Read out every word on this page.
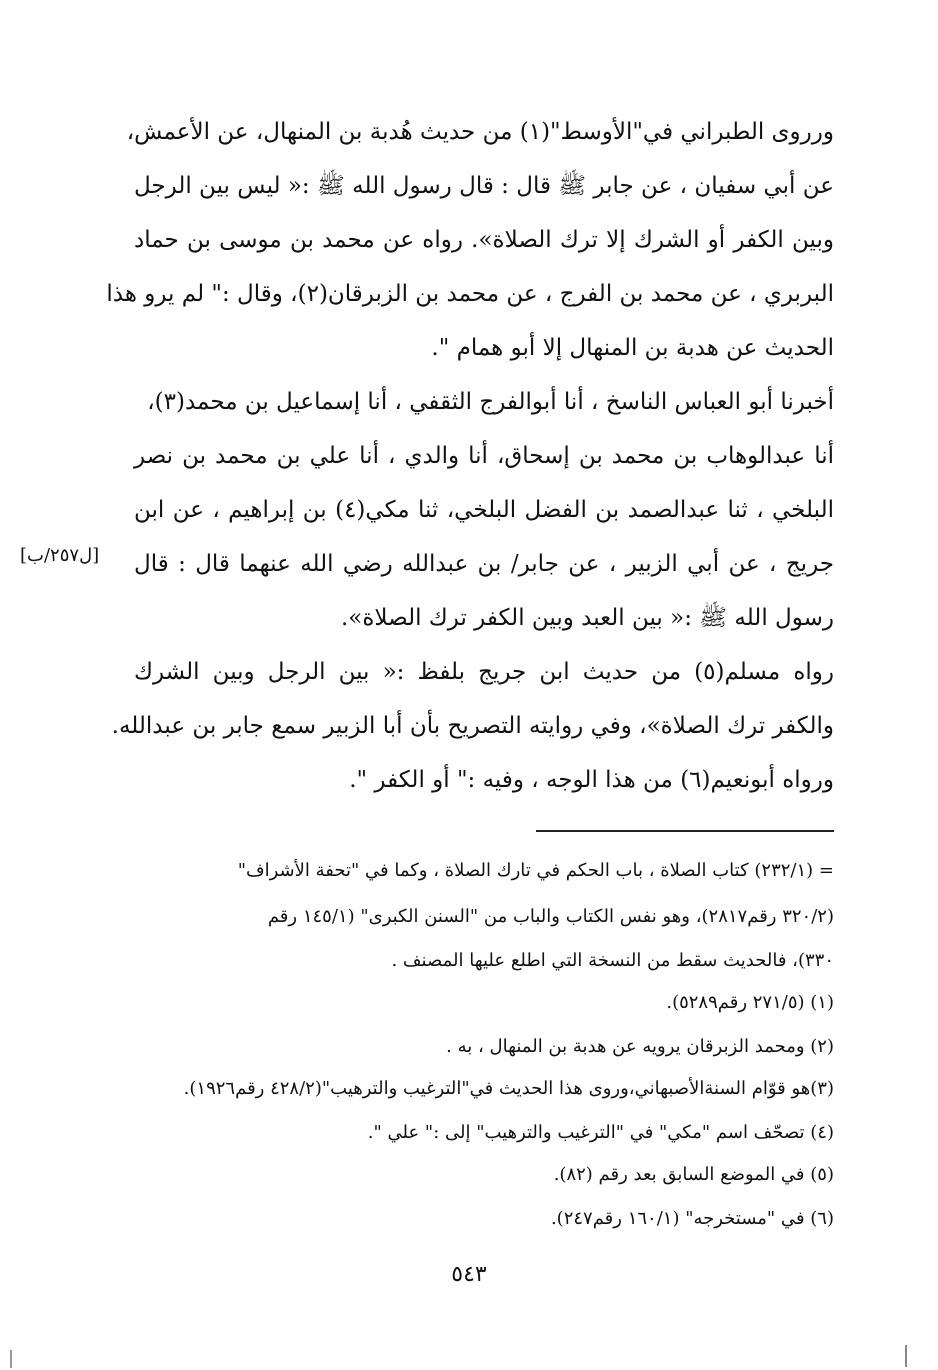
ورروى الطبراني في"الأوسط"(١) من حديث هُدبة بن المنهال، عن الأعمش،
عن أبي سفيان ، عن جابر ﷺ قال : قال رسول الله ﷺ :« ليس بين الرجل
وبين الكفر أو الشرك إلا ترك الصلاة». رواه عن محمد بن موسى بن حماد
البربري ، عن محمد بن الفرج ، عن محمد بن الزبرقان(٢)، وقال :" لم يرو هذا
الحديث عن هدبة بن المنهال إلا أبو همام ".
أخبرنا أبو العباس الناسخ ، أنا أبوالفرج الثقفي ، أنا إسماعيل بن محمد(٣)،
أنا عبدالوهاب بن محمد بن إسحاق، أنا والدي ، أنا علي بن محمد بن نصر
البلخي ، ثنا عبدالصمد بن الفضل البلخي، ثنا مكي(٤) بن إبراهيم ، عن ابن
جريج ، عن أبي الزبير ، عن جابر/ بن عبدالله رضي الله عنهما قال : قال
رسول الله ﷺ :« بين العبد وبين الكفر ترك الصلاة».
رواه مسلم(٥) من حديث ابن جريج بلفظ :« بين الرجل وبين الشرك
والكفر ترك الصلاة»، وفي روايته التصريح بأن أبا الزبير سمع جابر بن عبدالله.
ورواه أبونعيم(٦) من هذا الوجه ، وفيه :" أو الكفر ".
[ل٢٥٧/ب]
= (٢٣٢/١) كتاب الصلاة ، باب الحكم في تارك الصلاة ، وكما في "تحفة الأشراف"
(٣٢٠/٢ رقم٢٨١٧)، وهو نفس الكتاب والباب من "السنن الكبرى" (١٤٥/١ رقم
٣٣٠)، فالحديث سقط من النسخة التي اطلع عليها المصنف .
(١) (٢٧١/٥ رقم٥٢٨٩).
(٢) ومحمد الزبرقان يرويه عن هدبة بن المنهال ، به .
(٣)هو قوّام السنةالأصبهاني،وروى هذا الحديث في"الترغيب والترهيب"(٤٢٨/٢ رقم١٩٢٦).
(٤) تصحّف اسم "مكي" في "الترغيب والترهيب" إلى :" علي ".
(٥) في الموضع السابق بعد رقم (٨٢).
(٦) في "مستخرجه" (١٦٠/١ رقم٢٤٧).
٥٤٣
